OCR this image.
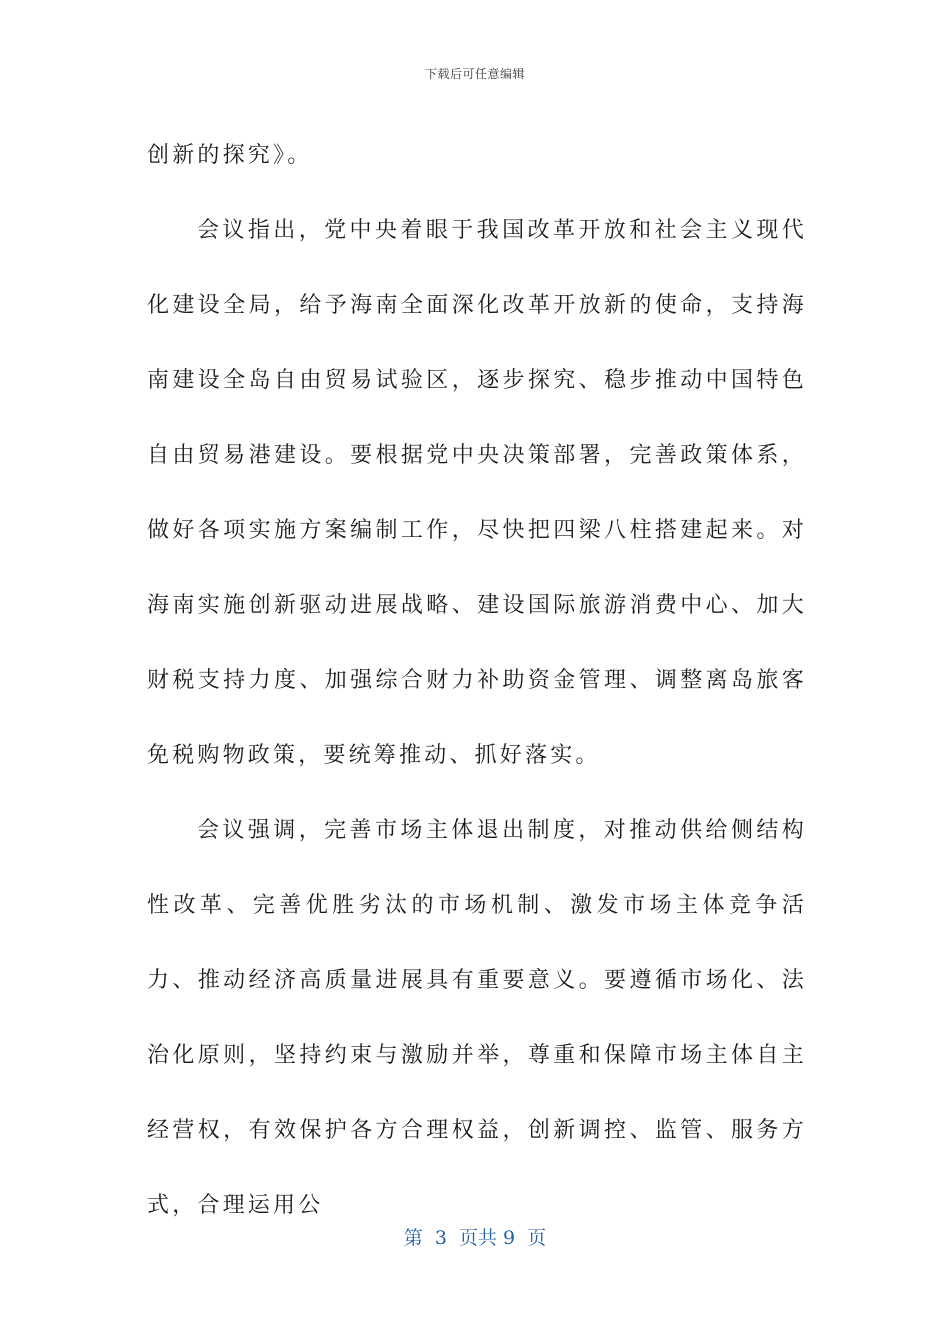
下载后可任意编辑

创新的探究》。

会议指出，党中央着眼于我国改革开放和社会主义现代化建设全局，给予海南全面深化改革开放新的使命，支持海南建设全岛自由贸易试验区，逐步探究、稳步推动中国特色自由贸易港建设。要根据党中央决策部署，完善政策体系，做好各项实施方案编制工作，尽快把四梁八柱搭建起来。对海南实施创新驱动进展战略、建设国际旅游消费中心、加大财税支持力度、加强综合财力补助资金管理、调整离岛旅客免税购物政策，要统筹推动、抓好落实。

会议强调，完善市场主体退出制度，对推动供给侧结构性改革、完善优胜劣汰的市场机制、激发市场主体竞争活力、推动经济高质量进展具有重要意义。要遵循市场化、法治化原则，坚持约束与激励并举，尊重和保障市场主体自主经营权，有效保护各方合理权益，创新调控、监管、服务方式，合理运用公

第  3  页共 9  页
